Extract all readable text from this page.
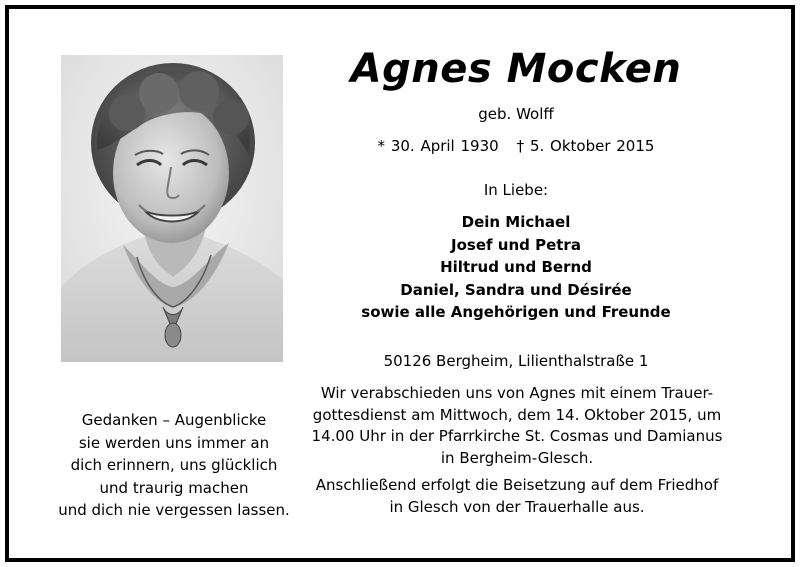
Gedanken – Augenblicke
sie werden uns immer an
dich erinnern, uns glücklich
und traurig machen
und dich nie vergessen lassen.
Agnes Mocken
geb. Wolff
* 30. April 1930 † 5. Oktober 2015
In Liebe:
Dein Michael
Josef und Petra
Hiltrud und Bernd
Daniel, Sandra und Désirée
sowie alle Angehörigen und Freunde
50126 Bergheim, Lilienthalstraße 1
Wir verabschieden uns von Agnes mit einem Trauer-
gottesdienst am Mittwoch, dem 14. Oktober 2015, um
14.00 Uhr in der Pfarrkirche St. Cosmas und Damianus
in Bergheim-Glesch.
Anschließend erfolgt die Beisetzung auf dem Friedhof
in Glesch von der Trauerhalle aus.
